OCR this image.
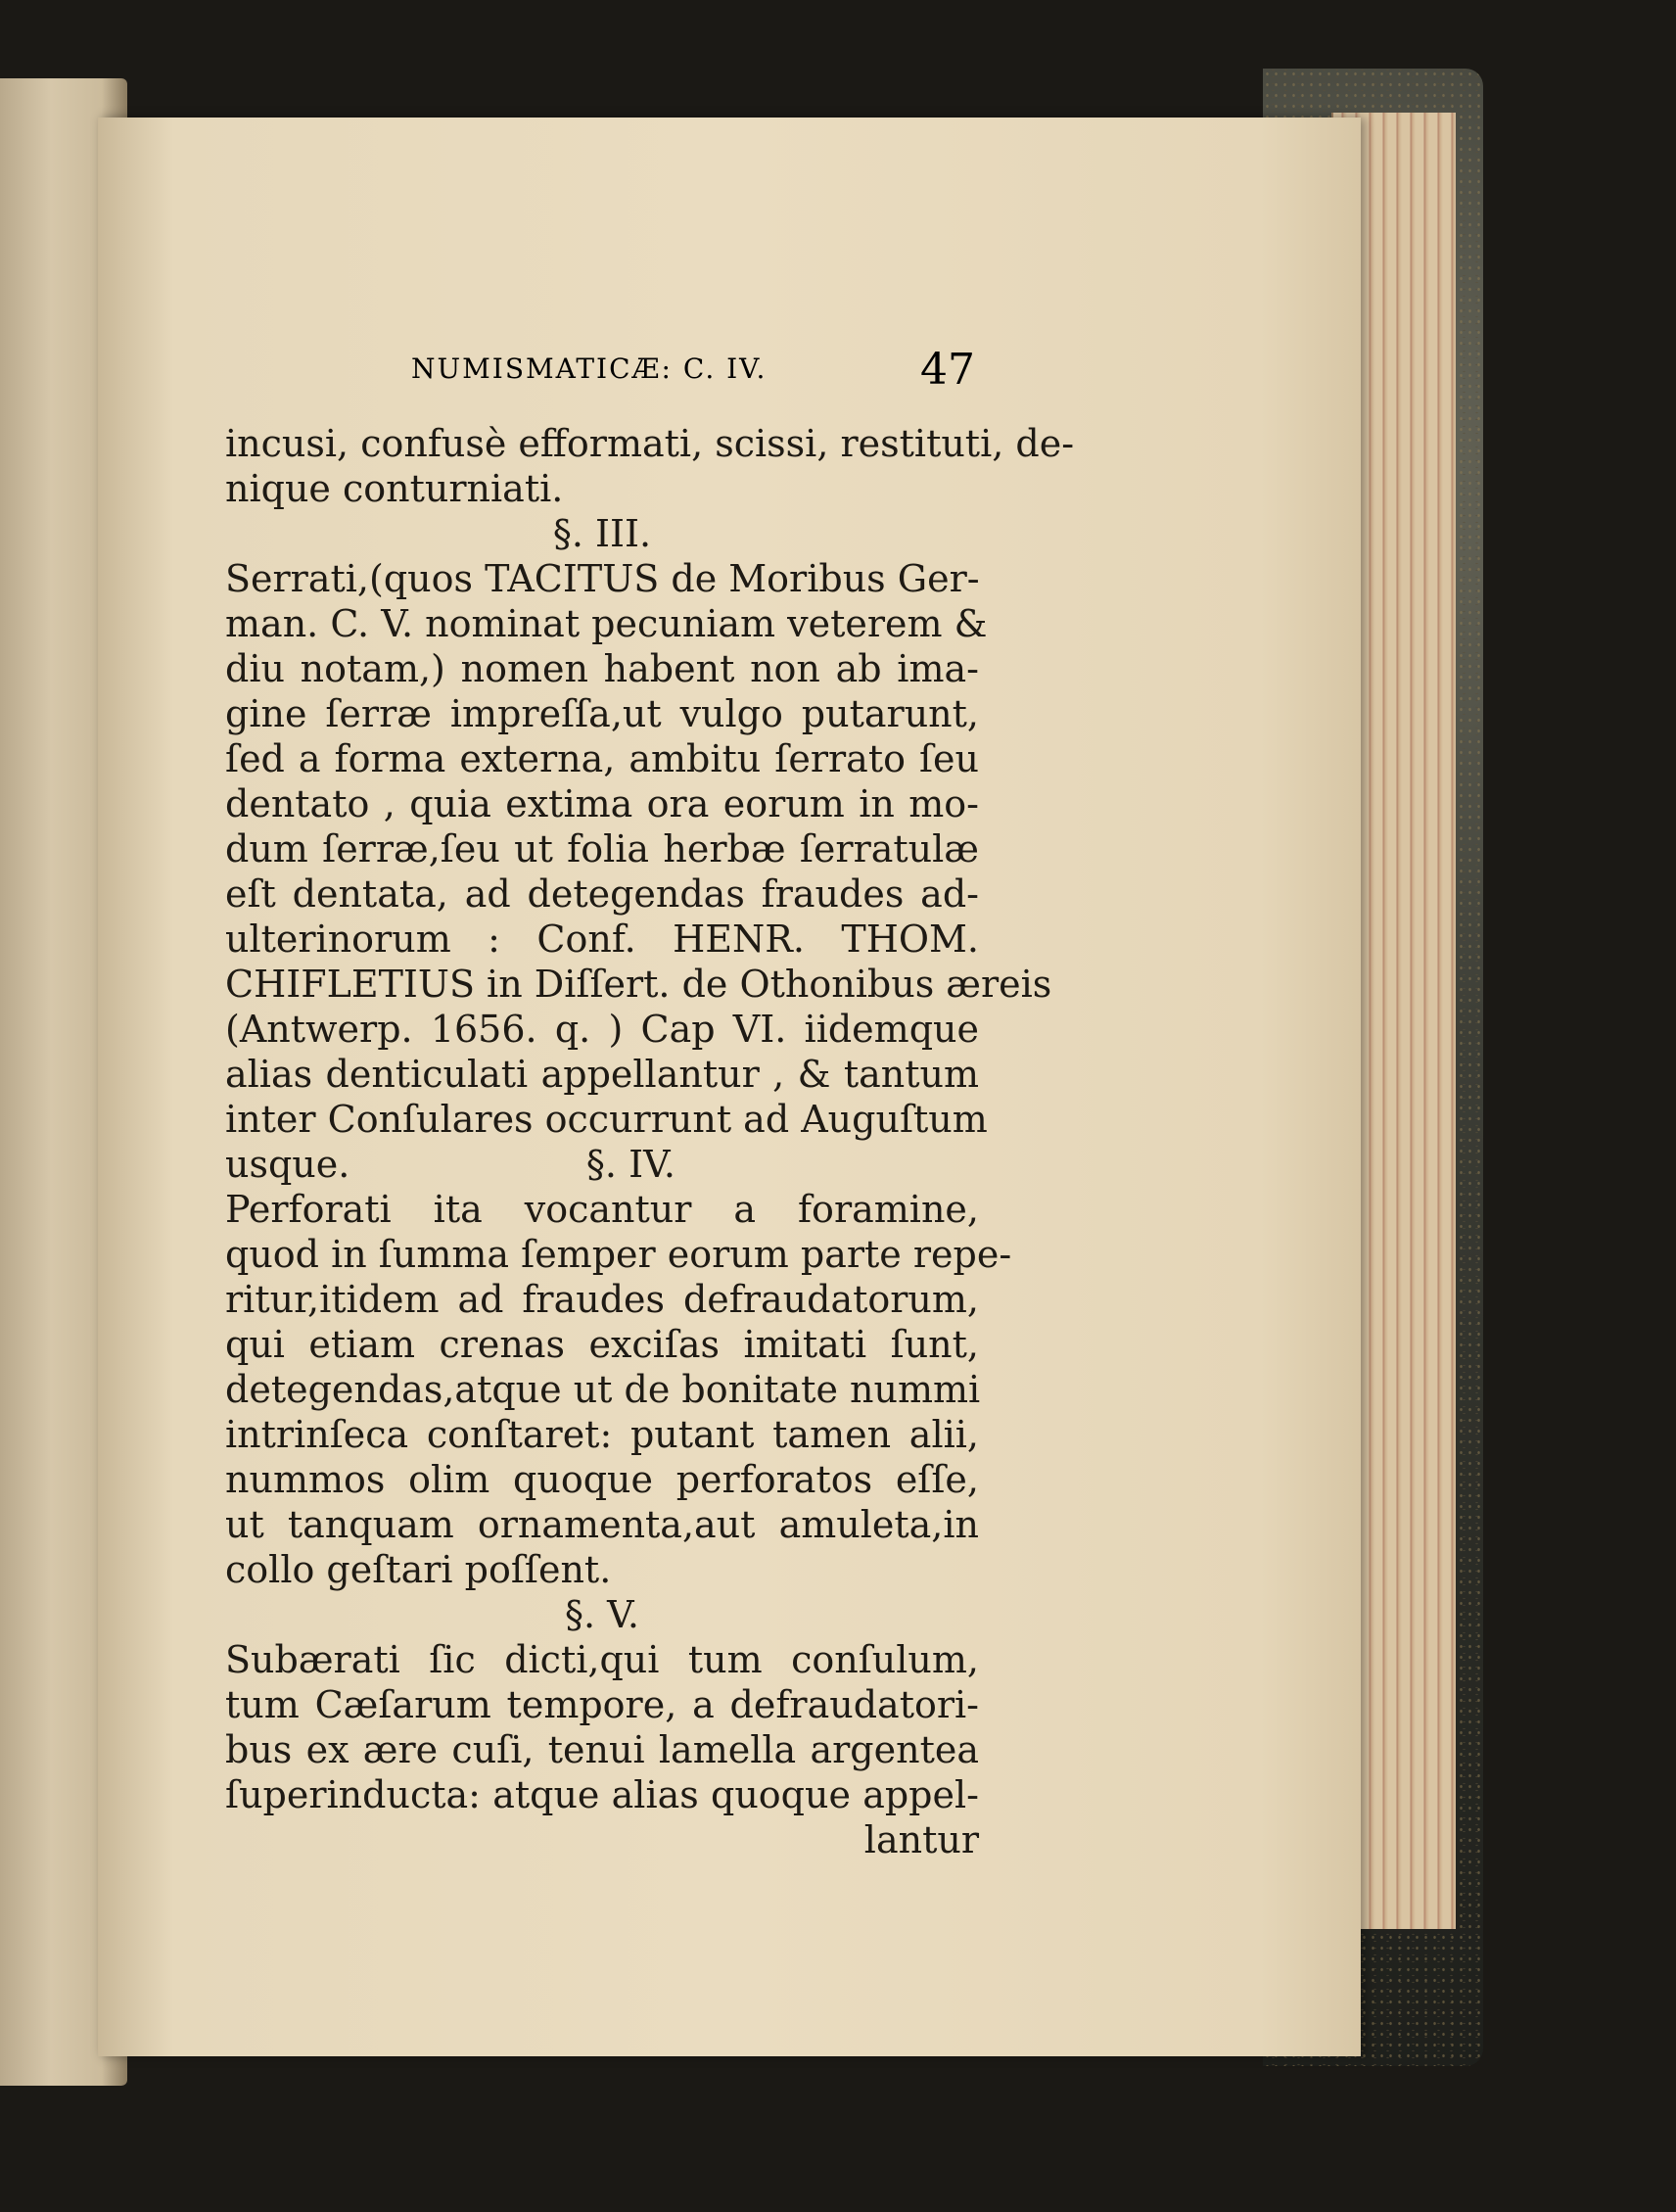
NUMISMATICÆ: C. IV.	47
incusi, confusè efformati, scissi, restituti, de-
nique conturniati.
§. III.
Serrati,(quos TACITUS de Moribus Ger-
man. C. V. nominat pecuniam veterem &
diu notam,) nomen habent non ab ima-
gine ſerræ impreſſa,ut vulgo putarunt,
ſed a forma externa, ambitu ſerrato ſeu
dentato , quia extima ora eorum in mo-
dum ſerræ,ſeu ut folia herbæ ſerratulæ
eſt dentata, ad detegendas fraudes ad-
ulterinorum : Conf. HENR. THOM.
CHIFLETIUS in Diſſert. de Othonibus æreis
(Antwerp. 1656. q. ) Cap VI. iidemque
alias denticulati appellantur , & tantum
inter Conſulares occurrunt ad Auguſtum
usque.                    §. IV.
Perforati ita vocantur a foramine,
quod in ſumma ſemper eorum parte repe-
ritur,itidem ad fraudes defraudatorum,
qui etiam crenas exciſas imitati ſunt,
detegendas,atque ut de bonitate nummi
intrinſeca conſtaret: putant tamen alii,
nummos olim quoque perforatos eſſe,
ut tanquam ornamenta,aut amuleta,in
collo geſtari poſſent.
§. V.
Subærati ſic dicti,qui tum conſulum,
tum Cæſarum tempore, a defraudatori-
bus ex ære cuſi, tenui lamella argentea
ſuperinducta: atque alias quoque appel-
lantur
